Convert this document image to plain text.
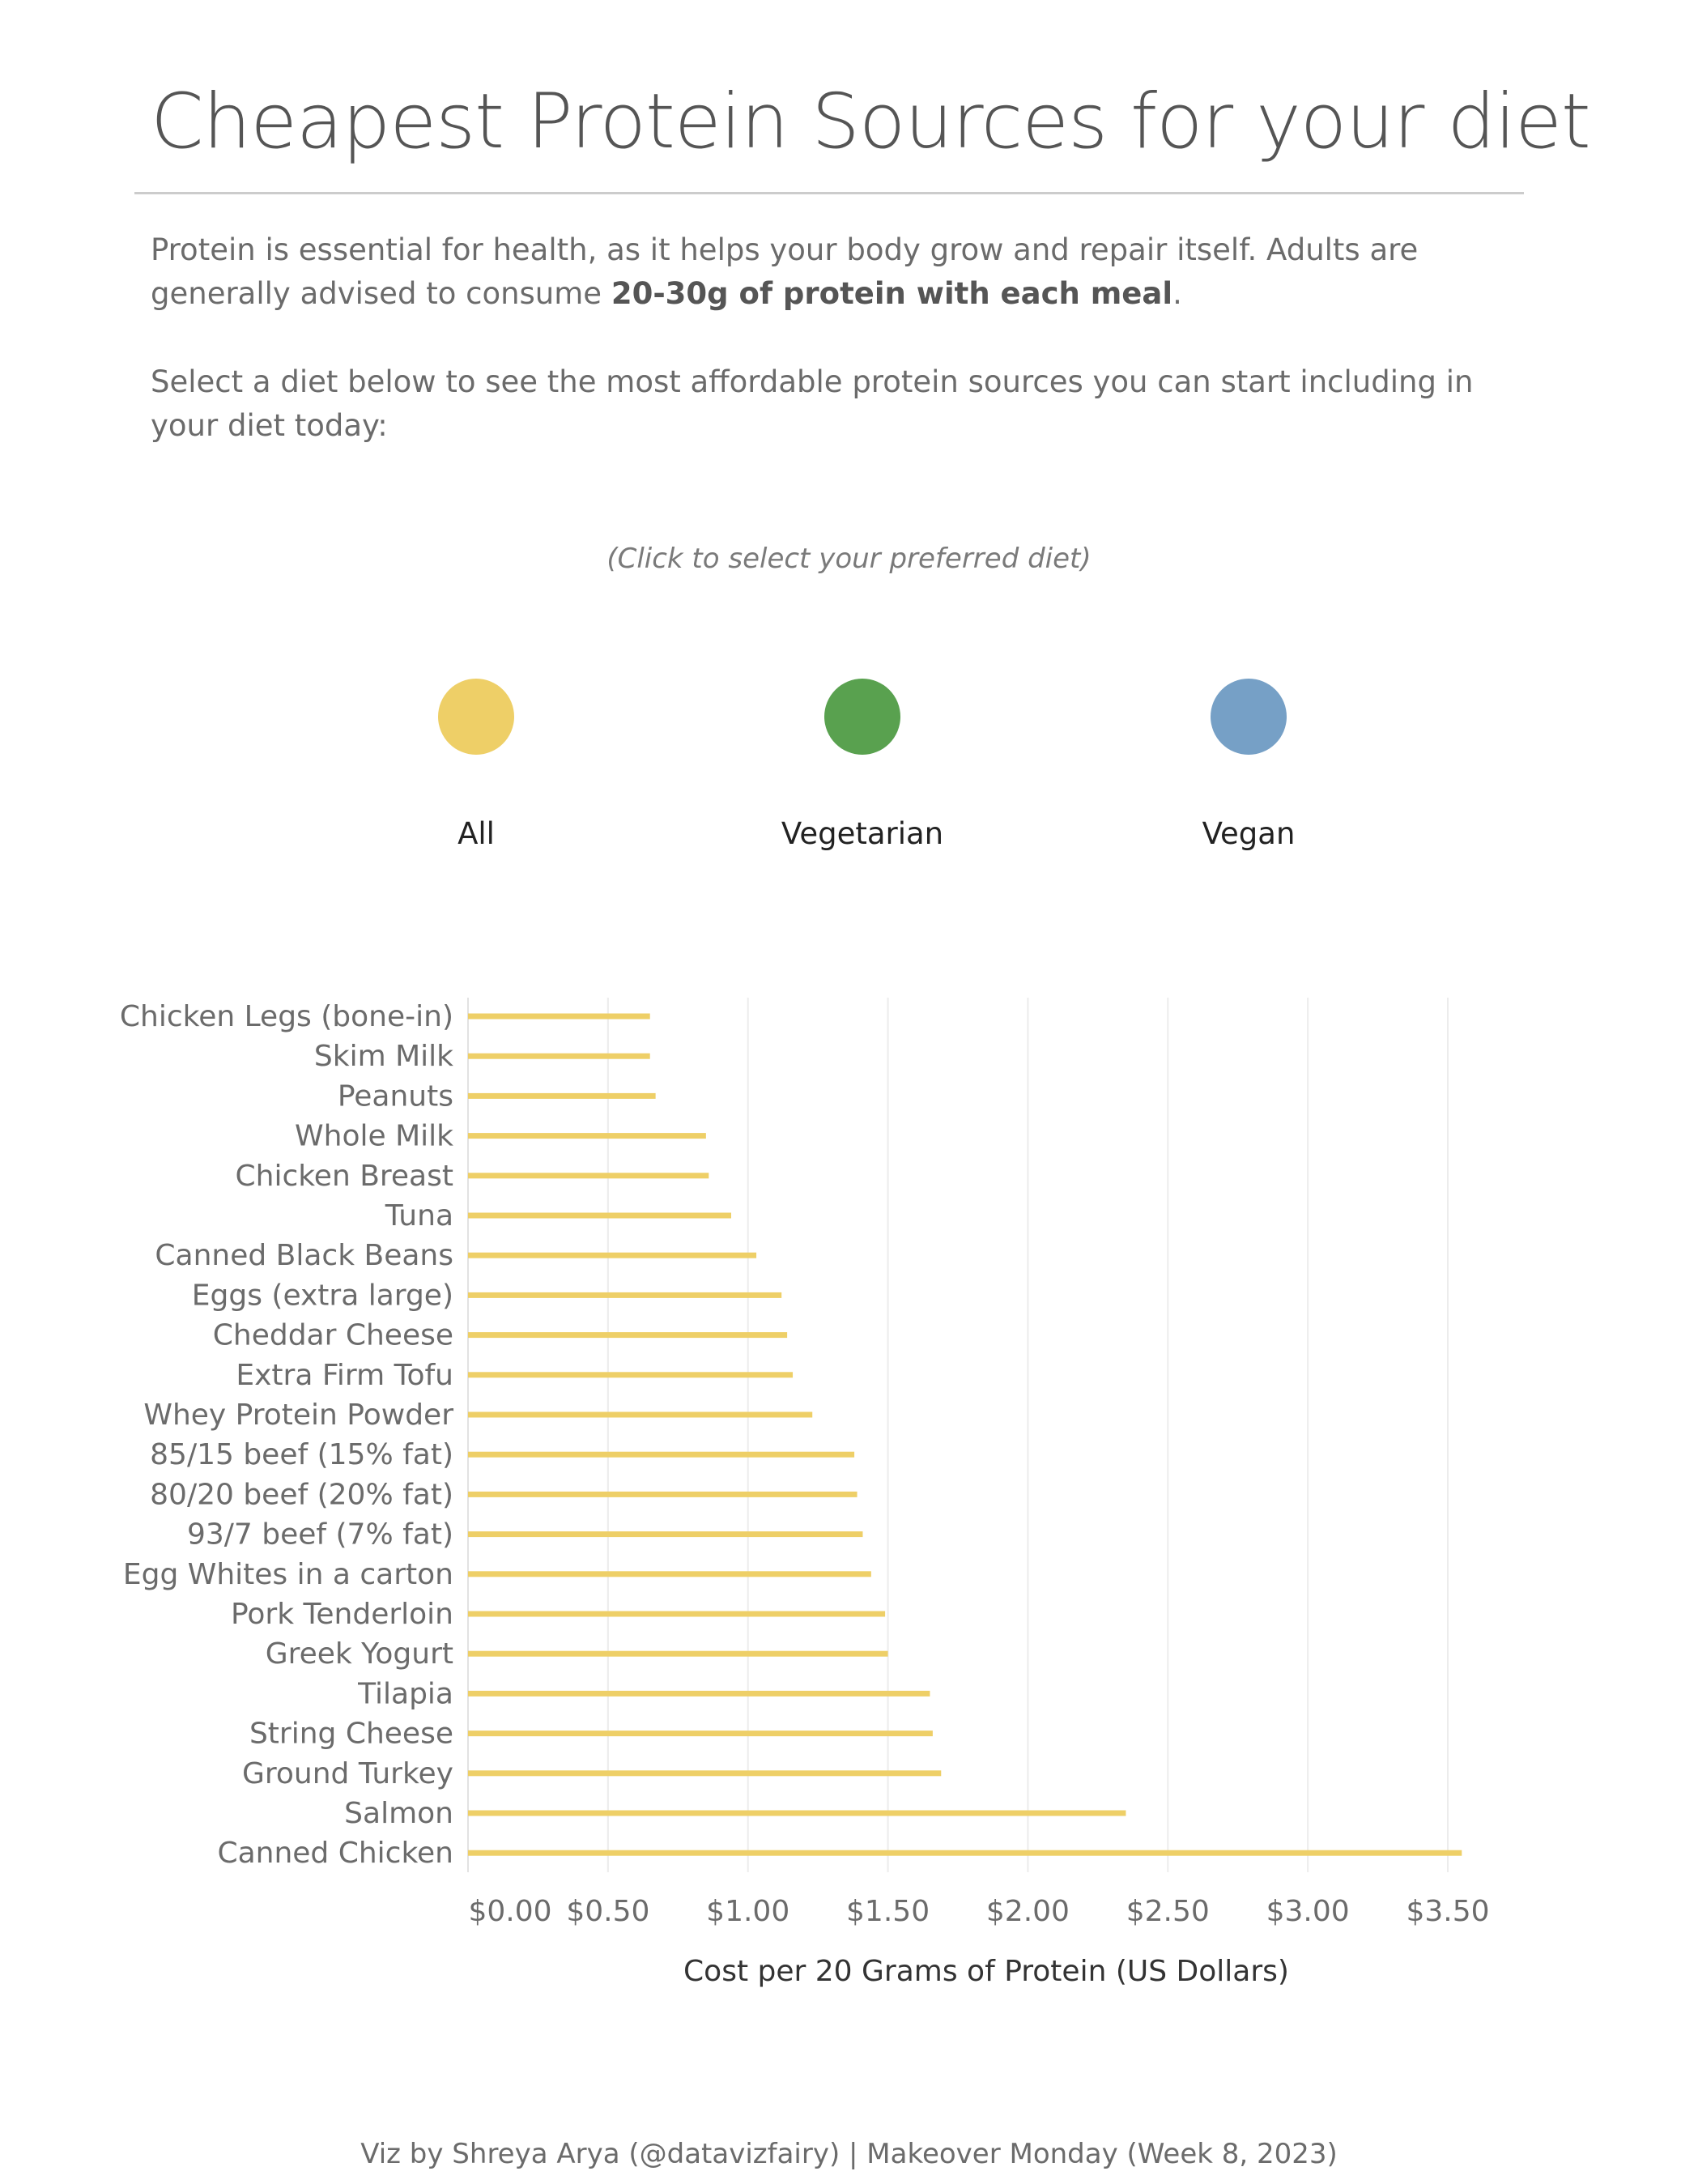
Cheapest Protein Sources for your diet
Protein is essential for health, as it helps your body grow and repair itself. Adults are generally advised to consume 20-30g of protein with each meal.
Select a diet below to see the most affordable protein sources you can start including in your diet today:
(Click to select your preferred diet)
All	Vegetarian	Vegan
Chicken Legs (bone-in)
Skim Milk
Peanuts
Whole Milk
Chicken Breast
Tuna
Canned Black Beans
Eggs (extra large)
Cheddar Cheese
Extra Firm Tofu
Whey Protein Powder
85/15 beef (15% fat)
80/20 beef (20% fat)
93/7 beef (7% fat)
Egg Whites in a carton
Pork Tenderloin
Greek Yogurt
Tilapia
String Cheese
Ground Turkey
Salmon
Canned Chicken
$0.00 $0.50 $1.00 $1.50 $2.00 $2.50 $3.00 $3.50
Cost per 20 Grams of Protein (US Dollars)
Viz by Shreya Arya (@datavizfairy) | Makeover Monday (Week 8, 2023)
